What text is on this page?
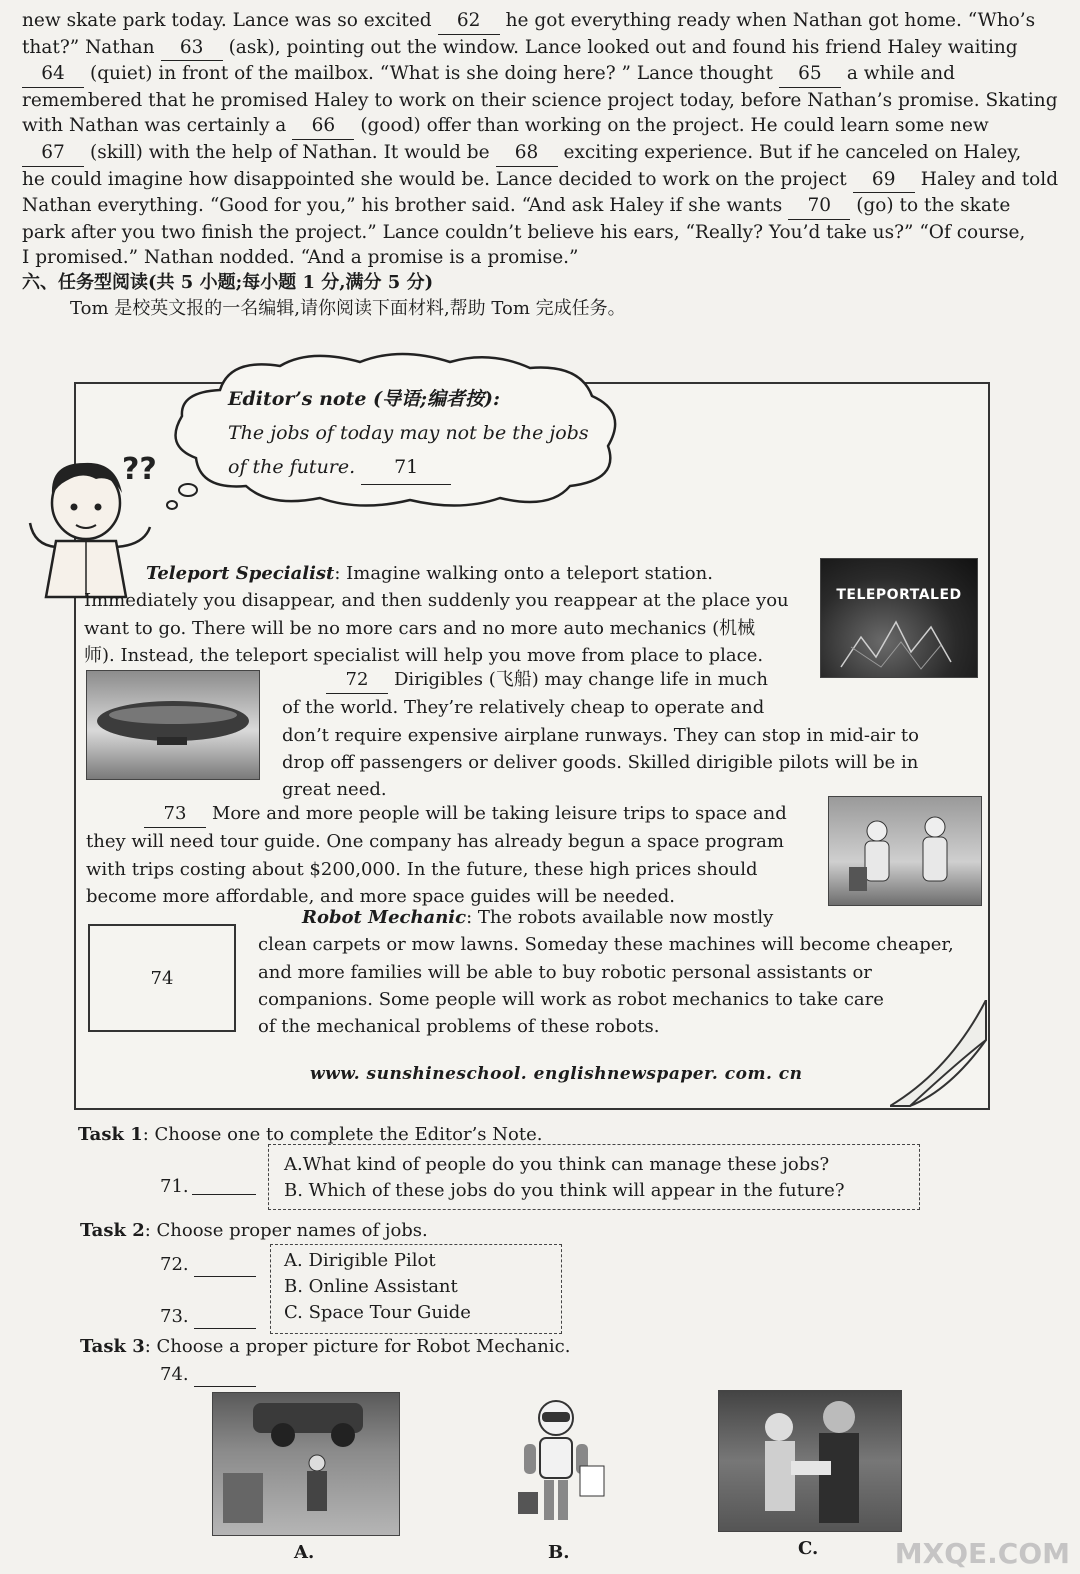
new skate park today. Lance was so excited 62 he got everything ready when Nathan got home. “Who’s
that?” Nathan 63 (ask), pointing out the window. Lance looked out and found his friend Haley waiting
64 (quiet) in front of the mailbox. “What is she doing here? ” Lance thought 65 a while and
remembered that he promised Haley to work on their science project today, before Nathan’s promise. Skating
with Nathan was certainly a 66 (good) offer than working on the project. He could learn some new
67 (skill) with the help of Nathan. It would be 68 exciting experience. But if he canceled on Haley,
he could imagine how disappointed she would be. Lance decided to work on the project 69 Haley and told
Nathan everything. “Good for you,” his brother said. “And ask Haley if she wants 70 (go) to the skate
park after you two finish the project.” Lance couldn’t believe his ears, “Really? You’d take us?” “Of course,
I promised.” Nathan nodded. “And a promise is a promise.”
六、任务型阅读(共 5 小题;每小题 1 分,满分 5 分)
Tom 是校英文报的一名编辑,请你阅读下面材料,帮助 Tom 完成任务。
Editor’s note (导语;编者按):
The jobs of today may not be the jobs
of the future. 71
??
Teleport Specialist: Imagine walking onto a teleport station.
Immediately you disappear, and then suddenly you reappear at the place you
want to go. There will be no more cars and no more auto mechanics (机械
师). Instead, the teleport specialist will help you move from place to place.
TELEPORTALED
72 Dirigibles (飞船) may change life in much
of the world. They’re relatively cheap to operate and
don’t require expensive airplane runways. They can stop in mid-air to
drop off passengers or deliver goods. Skilled dirigible pilots will be in
great need.
73 More and more people will be taking leisure trips to space and
they will need tour guide. One company has already begun a space program
with trips costing about $200,000. In the future, these high prices should
become more affordable, and more space guides will be needed.
74
Robot Mechanic: The robots available now mostly
clean carpets or mow lawns. Someday these machines will become cheaper,
and more families will be able to buy robotic personal assistants or
companions. Some people will work as robot mechanics to take care
of the mechanical problems of these robots.
www. sunshineschool. englishnewspaper. com. cn
Task 1: Choose one to complete the Editor’s Note.
71.
A.What kind of people do you think can manage these jobs?
B. Which of these jobs do you think will appear in the future?
Task 2: Choose proper names of jobs.
72.
73.
A. Dirigible Pilot
B. Online Assistant
C. Space Tour Guide
Task 3: Choose a proper picture for Robot Mechanic.
74.
A.	B.	C.	MXQE.COM
